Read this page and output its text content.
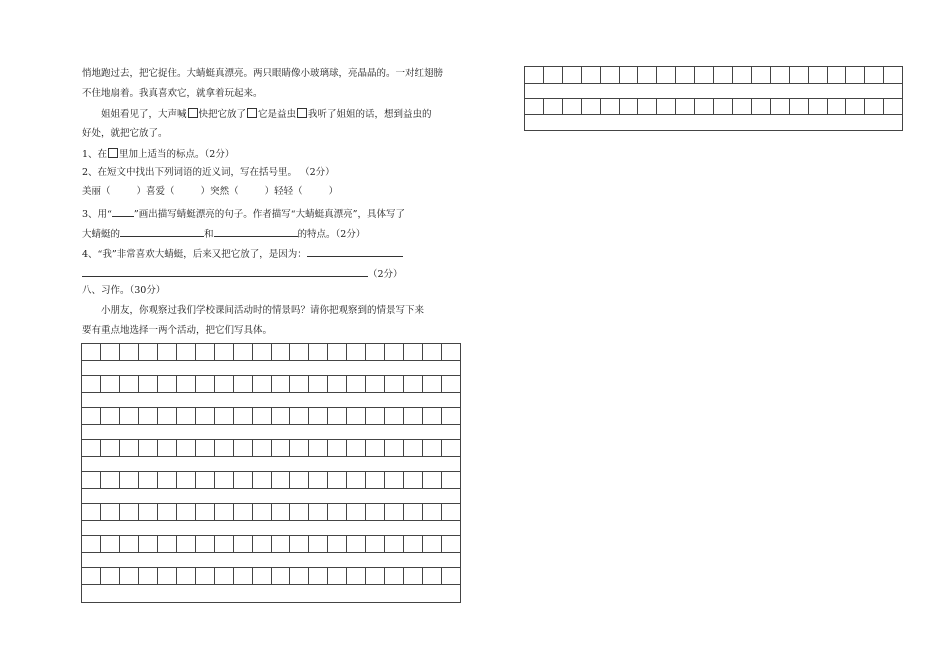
悄地跑过去，把它捉住。大蜻蜓真漂亮。两只眼睛像小玻璃球，亮晶晶的。一对红翅膀
不住地扇着。我真喜欢它，就拿着玩起来。
姐姐看见了，大声喊 快把它放了 它是益虫 我听了姐姐的话，想到益虫的
好处，就把它放了。
1、在 里加上适当的标点。（2分）
2、在短文中找出下列词语的近义词，写在括号里。 （2分）
美丽（	）喜爱（	）突然（	）轻轻（	）
3、用“ ”画出描写蜻蜓漂亮的句子。作者描写“大蜻蜓真漂亮”，具体写了
大蜻蜓的	和	的特点。（2分）
4、“我”非常喜欢大蜻蜓，后来又把它放了，是因为：
（2分）
八、习作。（30分）
小朋友，你观察过我们学校课间活动时的情景吗？请你把观察到的情景写下来
要有重点地选择一两个活动，把它们写具体。
